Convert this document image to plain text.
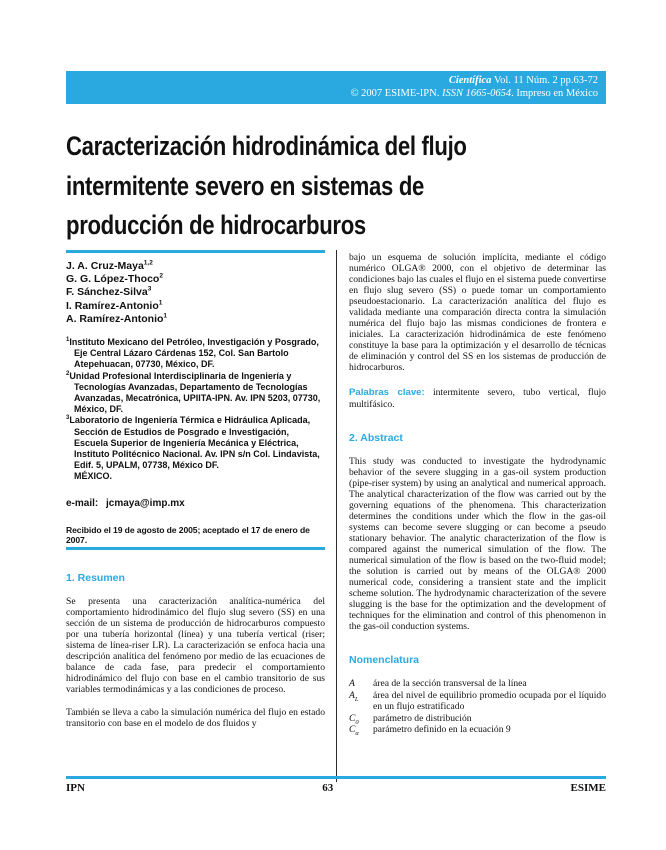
Científica Vol. 11 Núm. 2 pp.63-72
© 2007 ESIME-IPN. ISSN 1665-0654. Impreso en México
Caracterización hidrodinámica del flujo
intermitente severo en sistemas de
producción de hidrocarburos
J. A. Cruz-Maya$^{1,2}$
G. G. López-Thoco$^2$
F. Sánchez-Silva$^3$
I. Ramírez-Antonio$^1$
A. Ramírez-Antonio$^1$
$^1$Instituto Mexicano del Petróleo, Investigación y Posgrado, Eje Central Lázaro Cárdenas 152, Col. San Bartolo Atepehuacan, 07730, México, DF.
$^2$Unidad Profesional Interdisciplinaria de Ingeniería y Tecnologías Avanzadas, Departamento de Tecnologías Avanzadas, Mecatrónica, UPIITA-IPN. Av. IPN 5203, 07730, México, DF.
$^3$Laboratorio de Ingeniería Térmica e Hidráulica Aplicada, Sección de Estudios de Posgrado e Investigación, Escuela Superior de Ingeniería Mecánica y Eléctrica, Instituto Politécnico Nacional. Av. IPN s/n Col. Lindavista, Edif. 5, UPALM, 07738, México DF.
MÉXICO.
e-mail: jcmaya@imp.mx
Recibido el 19 de agosto de 2005; aceptado el 17 de enero de 2007.
1. Resumen

Se presenta una caracterización analítica-numérica del comportamiento hidrodinámico del flujo slug severo (SS) en una sección de un sistema de producción de hidrocarburos compuesto por una tubería horizontal (línea) y una tubería vertical (riser; sistema de línea-riser LR). La caracterización se enfoca hacia una descripción analítica del fenómeno por medio de las ecuaciones de balance de cada fase, para predecir el comportamiento hidrodinámico del flujo con base en el cambio transitorio de sus variables termodinámicas y a las condiciones de proceso.

También se lleva a cabo la simulación numérica del flujo en estado transitorio con base en el modelo de dos fluidos y

bajo un esquema de solución implícita, mediante el código numérico OLGA® 2000, con el objetivo de determinar las condiciones bajo las cuales el flujo en el sistema puede convertirse en flujo slug severo (SS) o puede tomar un comportamiento pseudoestacionario. La caracterización analítica del flujo es validada mediante una comparación directa contra la simulación numérica del flujo bajo las mismas condiciones de frontera e iniciales. La caracterización hidrodinámica de este fenómeno constituye la base para la optimización y el desarrollo de técnicas de eliminación y control del SS en los sistemas de producción de hidrocarburos.

Palabras clave: intermitente severo, tubo vertical, flujo multifásico.

2. Abstract

This study was conducted to investigate the hydrodynamic behavior of the severe slugging in a gas-oil system production (pipe-riser system) by using an analytical and numerical approach. The analytical characterization of the flow was carried out by the governing equations of the phenomena. This characterization determines the conditions under which the flow in the gas-oil systems can become severe slugging or can become a pseudo stationary behavior. The analytic characterization of the flow is compared against the numerical simulation of the flow. The numerical simulation of the flow is based on the two-fluid model; the solution is carried out by means of the OLGA® 2000 numerical code, considering a transient state and the implicit scheme solution. The hydrodynamic characterization of the severe slugging is the base for the optimization and the development of techniques for the elimination and control of this phenomenon in the gas-oil conduction systems.

Nomenclatura
A	área de la sección transversal de la línea
$A_L$	área del nivel de equilibrio promedio ocupada por el líquido en un flujo estratificado
$C_0$	parámetro de distribución
$C_\alpha$	parámetro definido en la ecuación 9
IPN	63	ESIME
